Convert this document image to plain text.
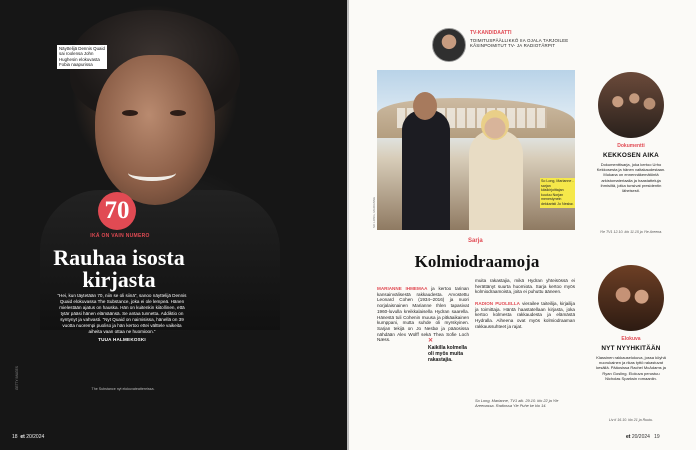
Näyttelijä Dennis Quaid sai roolensa John Hughesin elokuvasta Fobia naapurissa
70
IKÄ ON VAIN NUMERO
Rauhaa isosta kirjasta
”Hei, kun täytetään 70, niin se oli siinä”, sanoo näyttelijä Dennis Quaid elokuvassa The Substance, joka ei ole lempeä. Hänen mielestään ajatus on hauska. Hän on kuitenkin kiitollinen, että tytär pääsi hänen elämäänsä. Se antaa tunnetta. Addiktio on syntynyt ja vahvasti. ”Nyt Quaid on naimisissa, hänellä on 39 vuotta nuorempi puoliso ja hän kertoo ettei välttele vaikeita aiheita vaan ottaa ne huomioon.”
TUUA HALMEKOSKI
The Substance nyt elokuvateattereissa.
GETTY IMAGES
18 et 20/2024
TV-KANDIDAATTI
TOIMITUSPÄÄLLIKKÖ IIA OJALA TARJOILEE KÄSINPOIMITUT TV- JA RADIOTÄRPIT
So Long, Marianne -sarjan käsikirjoittajan kuuluu Norjan menestynein dekkaristi Jo Nesbø.
SO LONG, MARIANNE
Sarja
Kolmiodraamoja
MARIANNE IHMEMAA ja kertoo tarinan kansainvälisestä rakkaudesta. Arvostettu Leonard Cohen (1934–2016) ja nuori norjalaisnainen Marianne Ihlen tapasivat 1960-luvulla kreikkalaisella Hydran saarella. Hänestä tuli Cohenin muusa ja pitkäaikainen kumppani, mutta suhde oli myrskyinen. Sarjan tekijä on Jo Nesbø ja pääosissa nähdään Alex Wolff sekä Thea Sofie Loch Næss.	✕
Kaikilla kolmella oli myös muita rakastajia.
muita rakastajia, mikä Hydran yhteisössä ei herättänyt suurta huomiota. Sarja kertoo myös kolmiodraamoista, joita ei puhuttu ääneen.

RADION PUOLELLA vierailee taiteilija, kirjailija ja toimittaja. Häntä haastatellaan kirjasta, joka kertoo kolmesta rakkaudesta ja elämästä Hydralla. Aiheena ovat myös kolmiodraaman rakkaussuhteet ja rajat.
So Long, Marianne, TV1 alk. 29.10. klo 22 ja Yle Areenassa. Radiossa Yle Puhe ke klo 14.
Dokumentti
KEKKOSEN AIKA
Dokumenttisarja, joka kertoo Urho Kekkosesta ja hänen valtakaudestaan. Mukana on ennennäkemätöntä arkistomateriaalia ja haastatteluja ihmisiltä, jotka tunsivat presidentin läheisesti.
Yle TV1 12.10. klo 11.15 ja Yle Areena.
Elokuva
NYT NYYHKITÄÄN
Klassinen rakkauselokuva, jossa köyhä nuorukainen ja rikas tyttö rakastuvat kesällä. Pääosissa Rachel McAdams ja Ryan Gosling. Elokuva perustuu Nicholas Sparksin romaaniin.
Liv ti 16.10. klo 21 ja Ruutu.
et 20/2024 19
